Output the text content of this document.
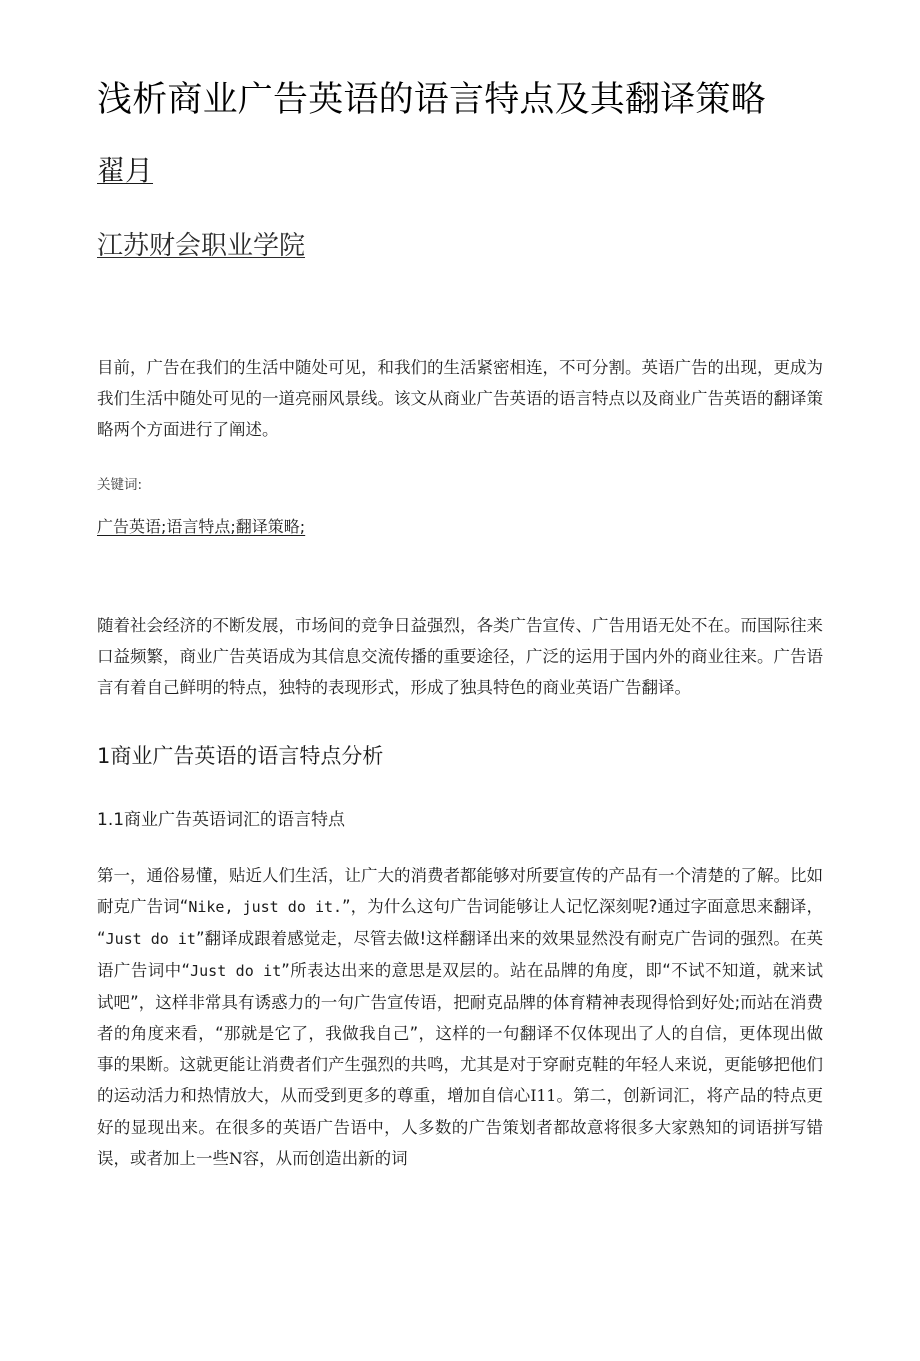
浅析商业广告英语的语言特点及其翻译策略
翟月
江苏财会职业学院

目前，广告在我们的生活中随处可见，和我们的生活紧密相连，不可分割。英语广告的出现，更成为我们生活中随处可见的一道亮丽风景线。该文从商业广告英语的语言特点以及商业广告英语的翻译策略两个方面进行了阐述。

关键词:

广告英语;语言特点;翻译策略;

随着社会经济的不断发展，市场间的竞争日益强烈，各类广告宣传、广告用语无处不在。而国际往来口益频繁，商业广告英语成为其信息交流传播的重要途径，广泛的运用于国内外的商业往来。广告语言有着自己鲜明的特点，独特的表现形式，形成了独具特色的商业英语广告翻译。

1商业广告英语的语言特点分析
1.1商业广告英语词汇的语言特点

第一，通俗易懂，贴近人们生活，让广大的消费者都能够对所要宣传的产品有一个清楚的了解。比如耐克广告词“Nike, just do it.”，为什么这句广告词能够让人记忆深刻呢?通过字面意思来翻译，“Just do it”翻译成跟着感觉走，尽管去做!这样翻译出来的效果显然没有耐克广告词的强烈。在英语广告词中“Just do it”所表达出来的意思是双层的。站在品牌的角度，即“不试不知道，就来试试吧”，这样非常具有诱惑力的一句广告宣传语，把耐克品牌的体育精神表现得恰到好处;而站在消费者的角度来看，“那就是它了，我做我自己”，这样的一句翻译不仅体现出了人的自信，更体现出做事的果断。这就更能让消费者们产生强烈的共鸣，尤其是对于穿耐克鞋的年轻人来说，更能够把他们的运动活力和热情放大，从而受到更多的尊重，增加自信心I11。第二，创新词汇，将产品的特点更好的显现出来。在很多的英语广告语中，人多数的广告策划者都故意将很多大家熟知的词语拼写错误，或者加上一些N容，从而创造出新的词
